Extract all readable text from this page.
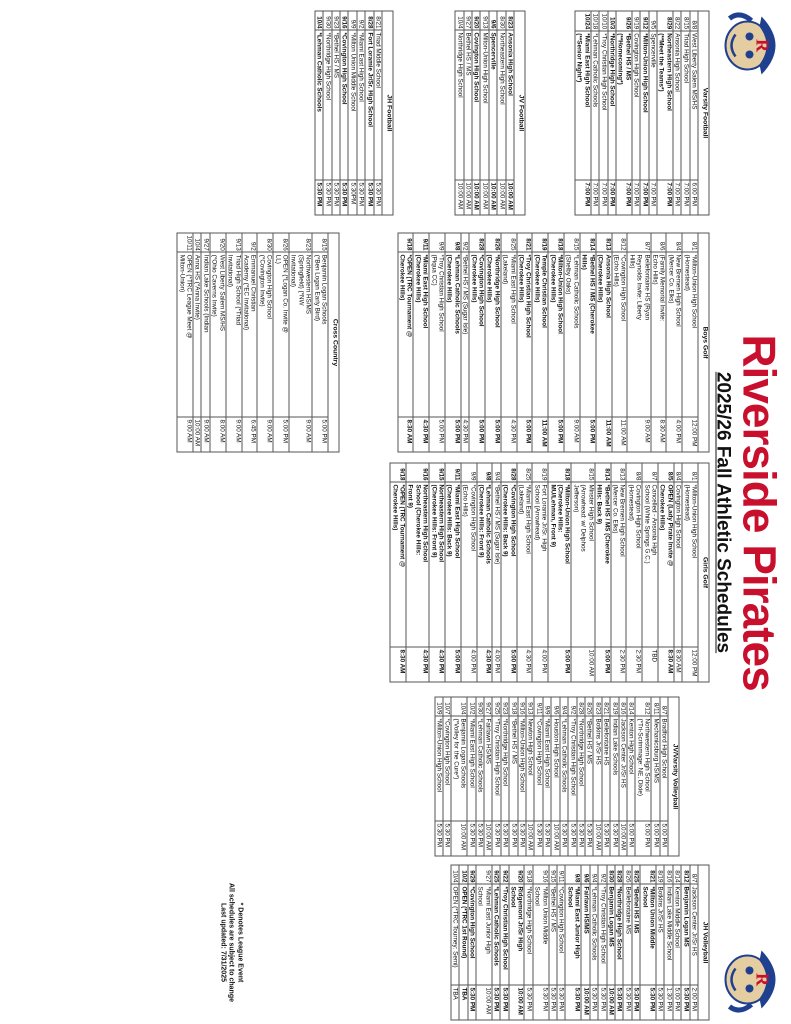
Riverside Pirates
2025/26 Fall Athletic Schedules
R
R
Varsity Football		
8/8	West Liberty Salem MS/HS	6:00 PM
8/15	Triad High School	7:00 PM
8/22	Ansonia High School	7:00 PM
8/29	Northeastern High School
(**Meet the Teams*)	7:00 PM
9/5	Spencerville	7:00 PM
9/12	*Milton-Union High School	7:00 PM
9/19	Covington High School	7:00 PM
9/26	*Bethel HS / MS
(**Homecoming*)	7:00 PM
10/3	*Northridge High School	7:00 PM
10/10	*Troy Christian High School	7:00 PM
10/18	*Lehman Catholic Schools	7:00 PM
10/24	*Miami East High School
(**Senior Night*)	7:00 PM
JV Football		
8/23	Ansonia High School	10:00 AM
8/30	Northeastern High School	10:00 AM
9/6	Spencerville	10:00 AM
9/13	Milton-Union High School	10:00 AM
9/20	Covington High School	10:00 AM
9/27	Bethel HS / MS	10:00 AM
10/4	Northridge High School	10:00 AM
JH Football		
8/21	Triad Middle School	5:30 PM
8/28	Fort Loramie Jr/Sr. High School	5:30 PM
9/2	*Miami East High School	5:30 PM
9/9	*Milton Union Middle School	5:30PM
9/16	*Covington High School	5:30 PM
9/23	*Bethel HS / MS	5:30 PM
9/30	*Northridge High School	5:30 PM
10/4	*Lehman Catholic Schools	5:30 PM
Boys Golf		
8/1	*Milton-Union High School
(Homestead)	12:00 PM
8/4	New Bremen High School
(Mercer Co. Elks)	4:00 PM
8/6	(Family Memorial Invite:
Echo Hills)	8:30 AM
8/7	Bellefontaine HS (Ryan
Reynolds Invite: Liberty
Hills)	9:00 AM
8/12	*Covington High School
(Echo Hills)	11:00 AM
8/13	Ansonia High School
(Cherokee Hills)	11:00 AM
8/14	*Bethel HS / MS (Cherokee
Hills)	5:00 PM
8/15	*Lehman Catholic Schools
(Shelby Oaks)	9:00 AM
8/18	*Milton-Union High School
(Cherokee Hills)	5:00 PM
8/19	Temple Christian School
(Cherokee Hills)	11:00 AM
8/21	*Troy Christian High School
(Cherokee Hills)	5:00 PM
8/25	*Miami East High School
(Lakeland)	4:30 PM
8/26	*Northridge High School
(Cherokee Hills)	5:00 PM
8/28	*Covington High School
(Cherokee Hills)	5:00 PM
9/2	*Bethel HS / MS (Sugar Isle)	4:30 PM
9/8	*Lehman Catholic Schools
(Cherokee Hills)	5:00 PM
9/9	*Troy Christian High School
(Piqua CC)	5:00 PM
9/11	*Miami East High School
(Cherokee Hills)	4:30 PM
9/18	*OPEN (TRC Tournament @
Cherokee Hills)	8:30 AM
Cross Country		
8/15	Benjamin Logan Schools
(*Ben Logan Early Bird)	5:00 PM
8/23	Northwestern HS/MS
(Springfield) (*NW
Invitational)	9:00 AM
8/26	OPEN (*Logan Co. Invite @
LL)	5:00 PM
8/30	Covington High School
(*Covington Invite)	9:00 AM
9/2	Emmanuel Christian
Academy (*EC Invitational)	6:45 PM
9/13	Triad High School (*Triad
Invitational)	9:00 AM
9/20	West Liberty Salem MS/HS
(*Ohio Caverns Invite)	8:00 AM
9/27	Indian Lake Schools (Indian	9:00 AM
10/4	Anna HS (*Anna Invite)	10:00 AM
10/11	OPEN (*TRC League Meet @
Milton-Union)	9:00 AM
Girls Golf		
8/1	*Milton-Union High School
(Homestead)	12:00 PM
8/4	Covington High School	8:30 AM
8/5	OPEN (Lady Pirate Invite @
Cherokee Hills)	8:30 AM
8/7	Cancelled - Ansonia High
School (White Springs G.C.)	TBD
8/8	Covington High School
(Homestead)	2:30 PM
8/13	New Bremen High School
(Mercer Co. Elks)	2:30 PM
8/14	*Bethel HS / MS (Cherokee
Hills: Back 9)	5:00 PM
8/15	Minster High School
(Arrowhead: w/ Delphos
Jefferson)	10:00 AM
8/18	*Milton-Union High School
(Cherokee Hills:
MU/Lehman, Front 9)	5:00 PM
8/19	Fort Loramie Jr/Sr. High
School (Arrowhead)	4:00 PM
8/25	*Miami East High School
(Lakeland)	4:30 PM
8/28	*Covington High School
(Cherokee Hills: Back 9)	5:00 PM
9/4	*Bethel HS / MS (Sugar Isle)	4:00 PM
9/8	*Lehman Catholic Schools
(Cherokee Hills: Front 9)	4:30 PM
9/9	*Covington High School
(Echo Hills)	4:00 PM
9/11	*Miami East High School
(Cherokee Hills: Back 9)	5:00 PM
9/15	Northeastern High School
(Cherokee Hills: Front 9)	4:30 PM
9/16	Northeastern High School
School (Cherokee Hills:
Front 9)	4:30 PM
9/18	*OPEN (TRC Tournament @
Cherokee Hills)	8:30 AM
JV/Varsity Volleyball		
8/7	Bradford High School	5:00 PM
8/11	Mechanicsburg HS/MS	5:00 PM
8/12	Northwestern High School
(*Tri-Scrimmage: NE, Dixie)	5:00 PM
8/14	Kenton High School	5:00 PM
8/16	Jackson Center Jr/Sr HS	10:00 AM
8/19	Indian Lake Schools	5:30 PM
8/21	Bellefontaine HS	5:30 PM
8/23	Botkins Jr/Sr HS	10:00 AM
8/26	*Bethel HS / MS	5:30 PM
8/28	*Northridge High School	5:30 PM
9/2	*Troy Christian High School	5:30 PM
9/4	*Lehman Catholic Schools	5:30 PM
9/6	Houston High School	10:00 AM
9/9	*Miami East High School	5:30 PM
9/11	*Covington High School	5:30 PM
9/13	Newton High School	10:00 AM
9/16	*Milton-Union High School	5:30 PM
9/18	*Bethel HS / MS	5:30 PM
9/23	*Northridge High School	5:30 PM
9/25	*Troy Christian High School	5:30 PM
9/27	Fairlawn HS/MS	10:00 AM
9/30	*Lehman Catholic Schools	5:30 PM
10/2	*Miami East High School	5:30 PM
10/4	Benjamin Logan Schools
(*Volley for the Cure*)	10:00 AM
10/7	*Covington High School	5:30 PM
10/9	*Milton-Union High School	5:30 PM
JH Volleyball		
8/7	Jackson Center Jr/Sr HS	2:00 PM
8/12	Benjamin Logan MS	5:30 PM
8/14	Kenton Middle School	5:00 PM
8/16	Indian Lake Middle School	1:30 PM
8/19	Botkins Jr/Sr HS	5:30 PM
8/21	*Milton Union Middle
School	5:30 PM
8/25	*Bethel HS / MS	5:30 PM
8/26	Bellefontaine MS	5:30 PM
8/28	*Northridge High School	5:30 PM
8/30	Benjamin Logan MS	10:00 AM
9/2	*Troy Christian High School	5:30 PM
9/4	*Lehman Catholic Schools	5:30 PM
9/6	Fairlawn HS/MS	10:00 AM
9/8	*Miami East Junior High
School	5:30 PM
9/11	*Covington High School	5:30 PM
9/15	*Bethel HS / MS	5:30 PM
9/16	*Milton Union Middle
School	5:30 PM
9/18	*Northridge High School	5:30 PM
9/20	Ridgemont Jr/Sr High
School	10:00 AM
9/22	*Troy Christian High School	5:30 PM
9/25	*Lehman Catholic Schools	5:30 PM
9/27	*Miami East Junior High
School	10:00 AM
9/29	*Covington High School	5:30 PM
10/2	OPEN (*TRC 1st Round)	TBA
10/4	OPEN (*TRC Tourney: Semi)	TBA
* Denotes League Event
All schedules are subject to change
Last updated: 7/31/2025
